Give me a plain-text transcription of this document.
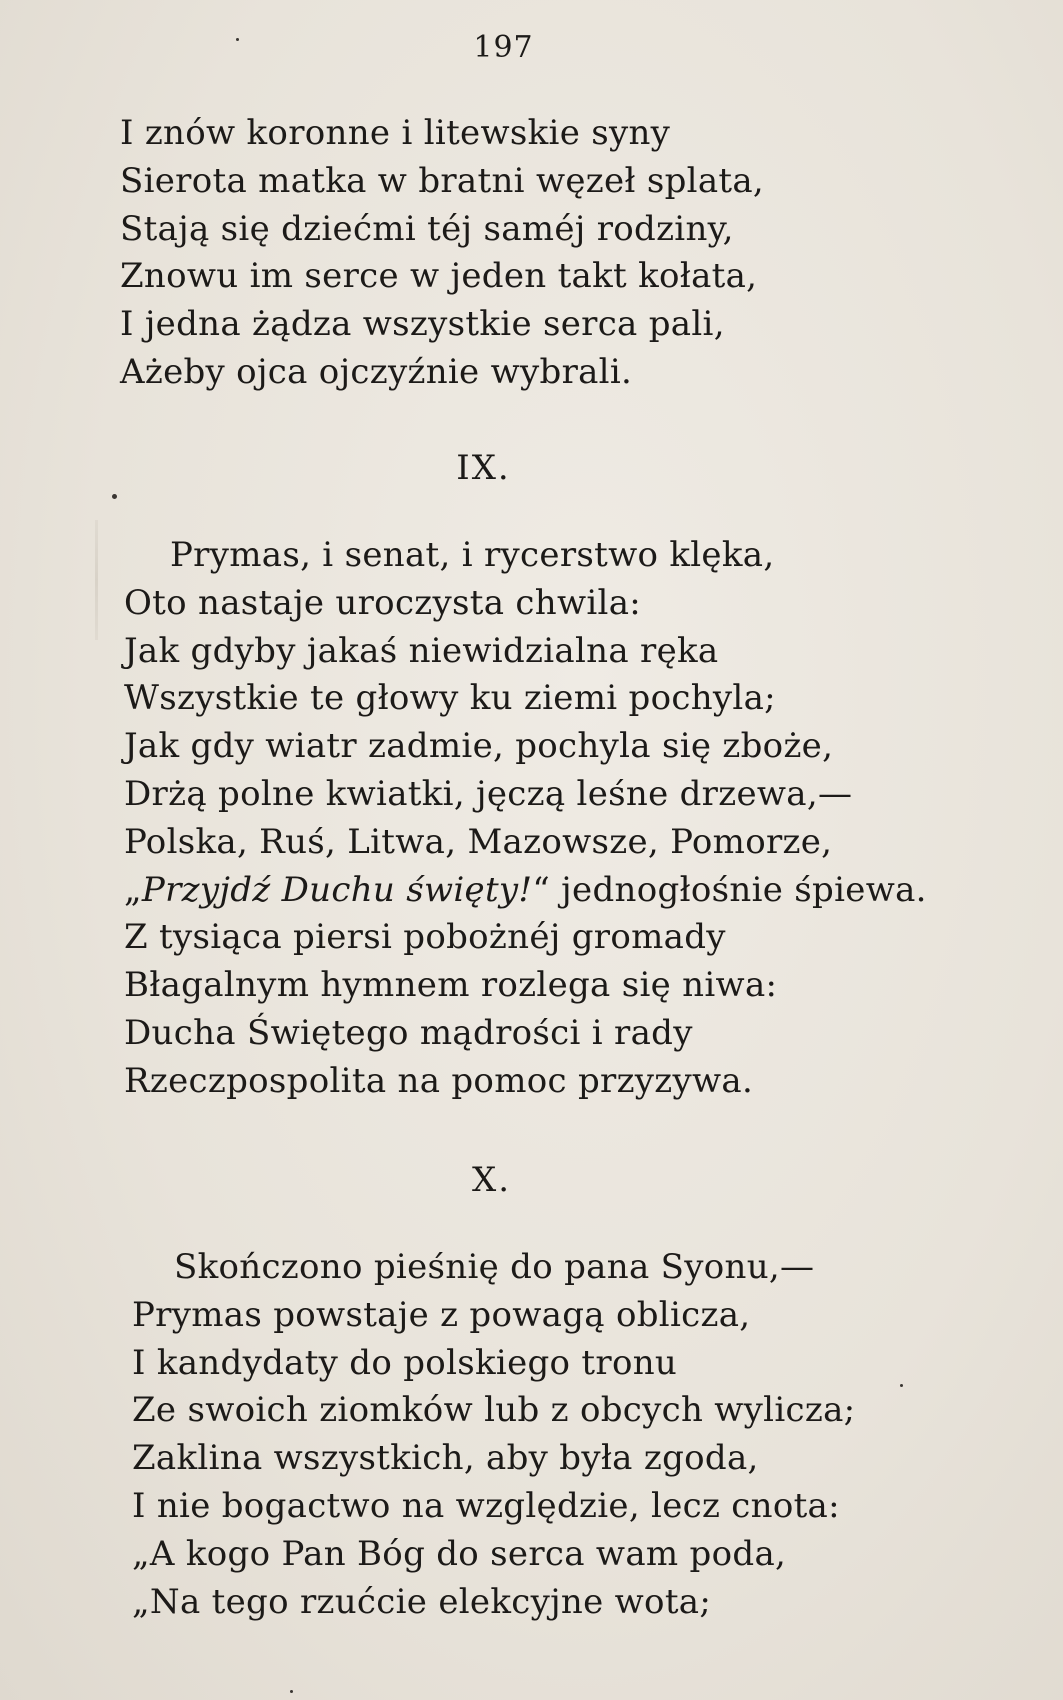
197
I znów koronne i litewskie syny
Sierota matka w bratni węzeł splata,
Stają się dziećmi téj saméj rodziny,
Znowu im serce w jeden takt kołata,
I jedna żądza wszystkie serca pali,
Ażeby ojca ojczyźnie wybrali.
IX.
Prymas, i senat, i rycerstwo klęka,
Oto nastaje uroczysta chwila:
Jak gdyby jakaś niewidzialna ręka
Wszystkie te głowy ku ziemi pochyla;
Jak gdy wiatr zadmie, pochyla się zboże,
Drżą polne kwiatki, jęczą leśne drzewa,—
Polska, Ruś, Litwa, Mazowsze, Pomorze,
„Przyjdź Duchu święty!“ jednogłośnie śpiewa.
Z tysiąca piersi pobożnéj gromady
Błagalnym hymnem rozlega się niwa:
Ducha Świętego mądrości i rady
Rzeczpospolita na pomoc przyzywa.
X.
Skończono pieśnię do pana Syonu,—
Prymas powstaje z powagą oblicza,
I kandydaty do polskiego tronu
Ze swoich ziomków lub z obcych wylicza;
Zaklina wszystkich, aby była zgoda,
I nie bogactwo na względzie, lecz cnota:
„A kogo Pan Bóg do serca wam poda,
„Na tego rzućcie elekcyjne wota;
